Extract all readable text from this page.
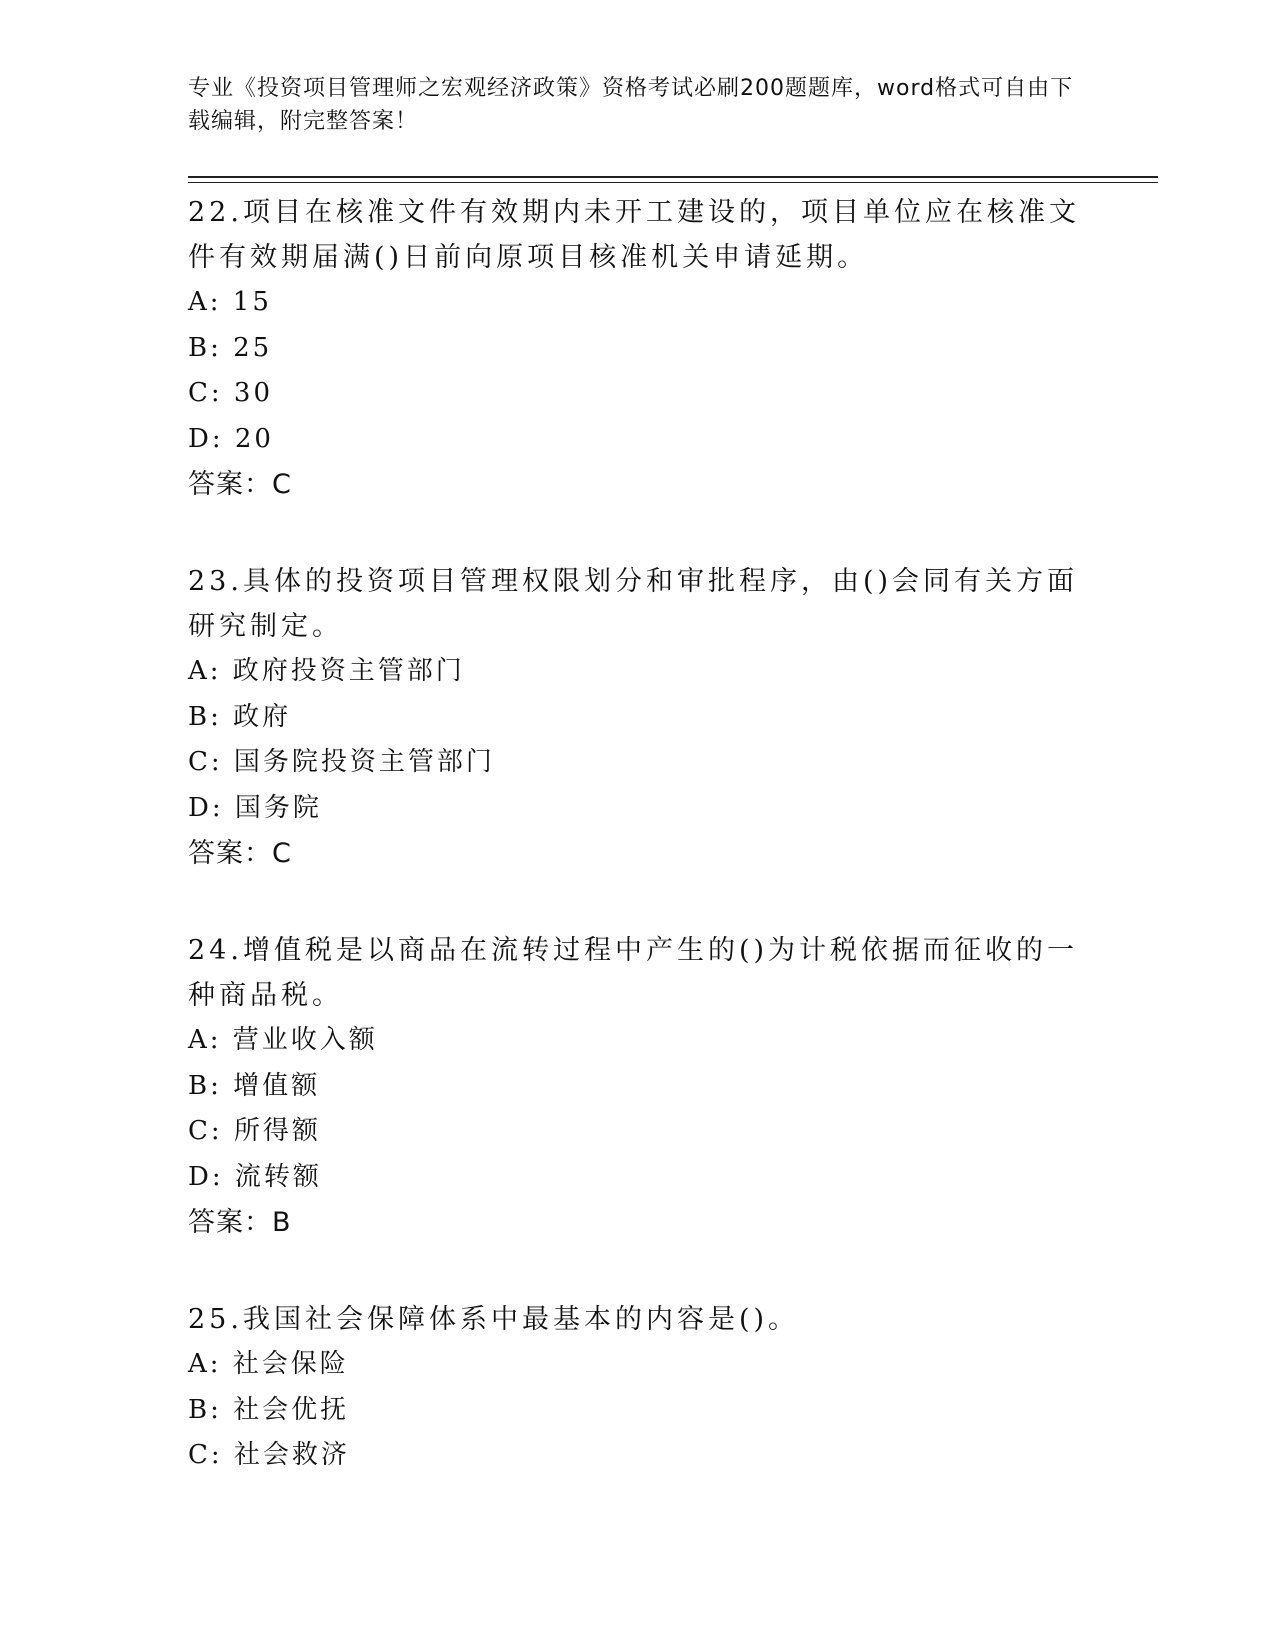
专业《投资项目管理师之宏观经济政策》资格考试必刷200题题库，word格式可自由下载编辑，附完整答案！

22.项目在核准文件有效期内未开工建设的，项目单位应在核准文件有效期届满()日前向原项目核准机关申请延期。

A: 15

B: 25

C: 30

D: 20

答案：C

23.具体的投资项目管理权限划分和审批程序，由()会同有关方面研究制定。

A: 政府投资主管部门

B: 政府

C: 国务院投资主管部门

D: 国务院

答案：C

24.增值税是以商品在流转过程中产生的()为计税依据而征收的一种商品税。

A: 营业收入额

B: 增值额

C: 所得额

D: 流转额

答案：B

25.我国社会保障体系中最基本的内容是()。

A: 社会保险

B: 社会优抚

C: 社会救济
